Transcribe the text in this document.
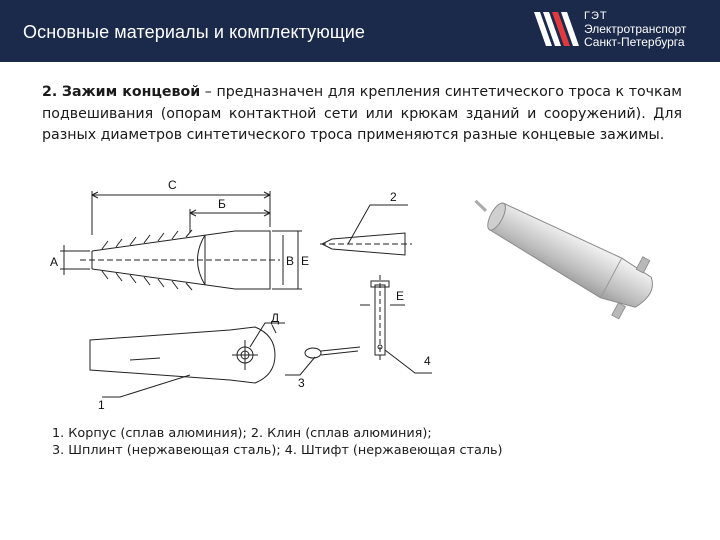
Основные материалы и комплектующие
ГЭТ
Электротранспорт
Санкт-Петербурга
2. Зажим концевой – предназначен для крепления синтетического троса к точкам подвешивания (опорам контактной сети или крюкам зданий и сооружений). Для разных диаметров синтетического троса применяются разные концевые зажимы.
С
Б
А	В Е
Д
Е
2
4
3
1
1. Корпус (сплав алюминия); 2. Клин (сплав алюминия);
3. Шплинт (нержавеющая сталь); 4. Штифт (нержавеющая сталь)
